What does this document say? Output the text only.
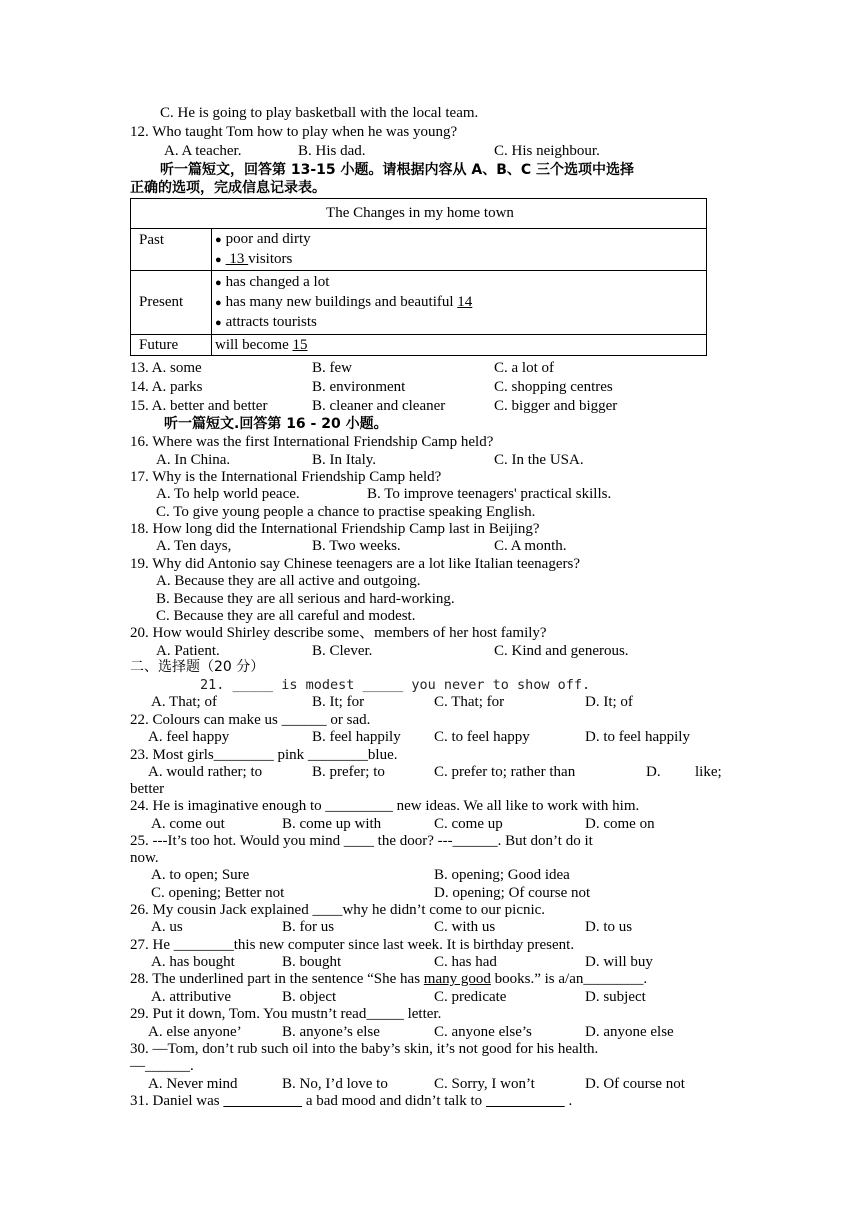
C. He is going to play basketball with the local team.
12. Who taught Tom how to play when he was young?
A. A teacher.	B. His dad.	C. His neighbour.
听一篇短文，回答第 13-15 小题。请根据内容从 A、B、C 三个选项中选择
正确的选项，完成信息记录表。
The Changes in my home town	
Past	● poor and dirty
● 13 visitors

Present	● has changed a lot
● has many new buildings and beautiful 14
● attracts tourists

Future	will become 15
13. A. some	B. few	C. a lot of
14. A. parks	B. environment	C. shopping centres
15. A. better and better	B. cleaner and cleaner	C. bigger and bigger
听一篇短文.回答第 16 - 20 小题。
16. Where was the first International Friendship Camp held?
A. In China.	B. In Italy.	C. In the USA.
17. Why is the International Friendship Camp held?
A. To help world peace.	B. To improve teenagers' practical skills.
C. To give young people a chance to practise speaking English.
18. How long did the International Friendship Camp last in Beijing?
A. Ten days,	B. Two weeks.	C. A month.
19. Why did Antonio say Chinese teenagers are a lot like Italian teenagers?
A. Because they are all active and outgoing.
B. Because they are all serious and hard-working.
C. Because they are all careful and modest.
20. How would Shirley describe some、members of her host family?
A. Patient.	B. Clever.	C. Kind and generous.
二、选择题（20 分）
21. _____ is modest _____ you never to show off.
A. That; of	B. It; for	C. That; for	D. It; of
22. Colours can make us ______ or sad.
A. feel happy	B. feel happily C. to feel happy	D. to feel happily
23. Most girls________ pink ________blue.
A. would rather; to	B. prefer; to	C. prefer to; rather than	D. like;
better
24. He is imaginative enough to _________ new ideas. We all like to work with him.
A. come out	B. come up with	C. come up	D. come on
25. ---It’s too hot. Would you mind ____ the door? ---______. But don’t do it
now.
A. to open; Sure	B. opening; Good idea
C. opening; Better not	D. opening; Of course not
26. My cousin Jack explained ____why he didn’t come to our picnic.
A. us	B. for us	C. with us	D. to us
27. He ________this new computer since last week. It is birthday present.
A. has bought	B. bought	C. has had	D. will buy
28. The underlined part in the sentence “She has many good books.” is a/an________.
A. attributive	B. object	C. predicate	D. subject
29. Put it down, Tom. You mustn’t read_____ letter.
A. else anyone’	B. anyone’s else	C. anyone else’s	D. anyone else
30. —Tom, don’t rub such oil into the baby’s skin, it’s not good for his health.
—______.
A. Never mind	B. No, I’d love to	C. Sorry, I won’t	D. Of course not
31. Daniel was	a bad mood and didn’t talk to	.
